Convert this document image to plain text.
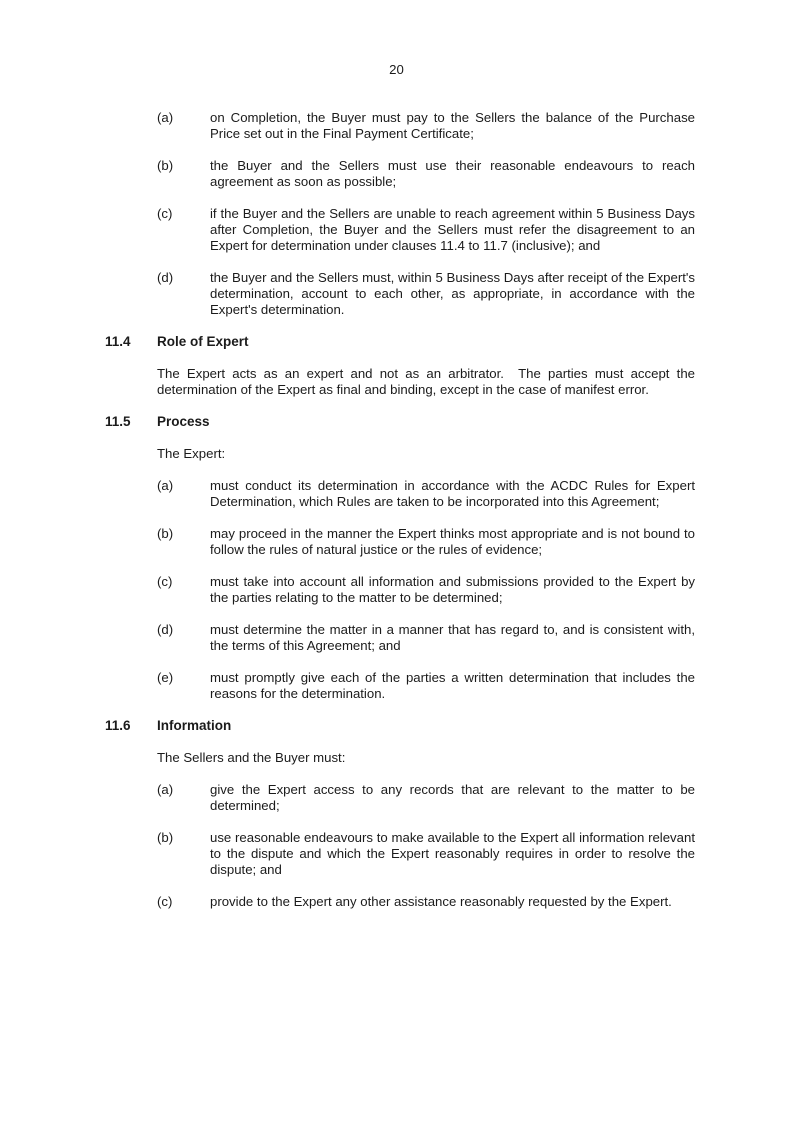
20
(a)	on Completion, the Buyer must pay to the Sellers the balance of the Purchase Price set out in the Final Payment Certificate;
(b)	the Buyer and the Sellers must use their reasonable endeavours to reach agreement as soon as possible;
(c)	if the Buyer and the Sellers are unable to reach agreement within 5 Business Days after Completion, the Buyer and the Sellers must refer the disagreement to an Expert for determination under clauses 11.4 to 11.7 (inclusive); and
(d)	the Buyer and the Sellers must, within 5 Business Days after receipt of the Expert's determination, account to each other, as appropriate, in accordance with the Expert's determination.
11.4	Role of Expert

The Expert acts as an expert and not as an arbitrator.  The parties must accept the determination of the Expert as final and binding, except in the case of manifest error.

11.5	Process

The Expert:

(a)	must conduct its determination in accordance with the ACDC Rules for Expert Determination, which Rules are taken to be incorporated into this Agreement;
(b)	may proceed in the manner the Expert thinks most appropriate and is not bound to follow the rules of natural justice or the rules of evidence;
(c)	must take into account all information and submissions provided to the Expert by the parties relating to the matter to be determined;
(d)	must determine the matter in a manner that has regard to, and is consistent with, the terms of this Agreement; and
(e)	must promptly give each of the parties a written determination that includes the reasons for the determination.
11.6	Information

The Sellers and the Buyer must:

(a)	give the Expert access to any records that are relevant to the matter to be determined;
(b)	use reasonable endeavours to make available to the Expert all information relevant to the dispute and which the Expert reasonably requires in order to resolve the dispute; and
(c)	provide to the Expert any other assistance reasonably requested by the Expert.
